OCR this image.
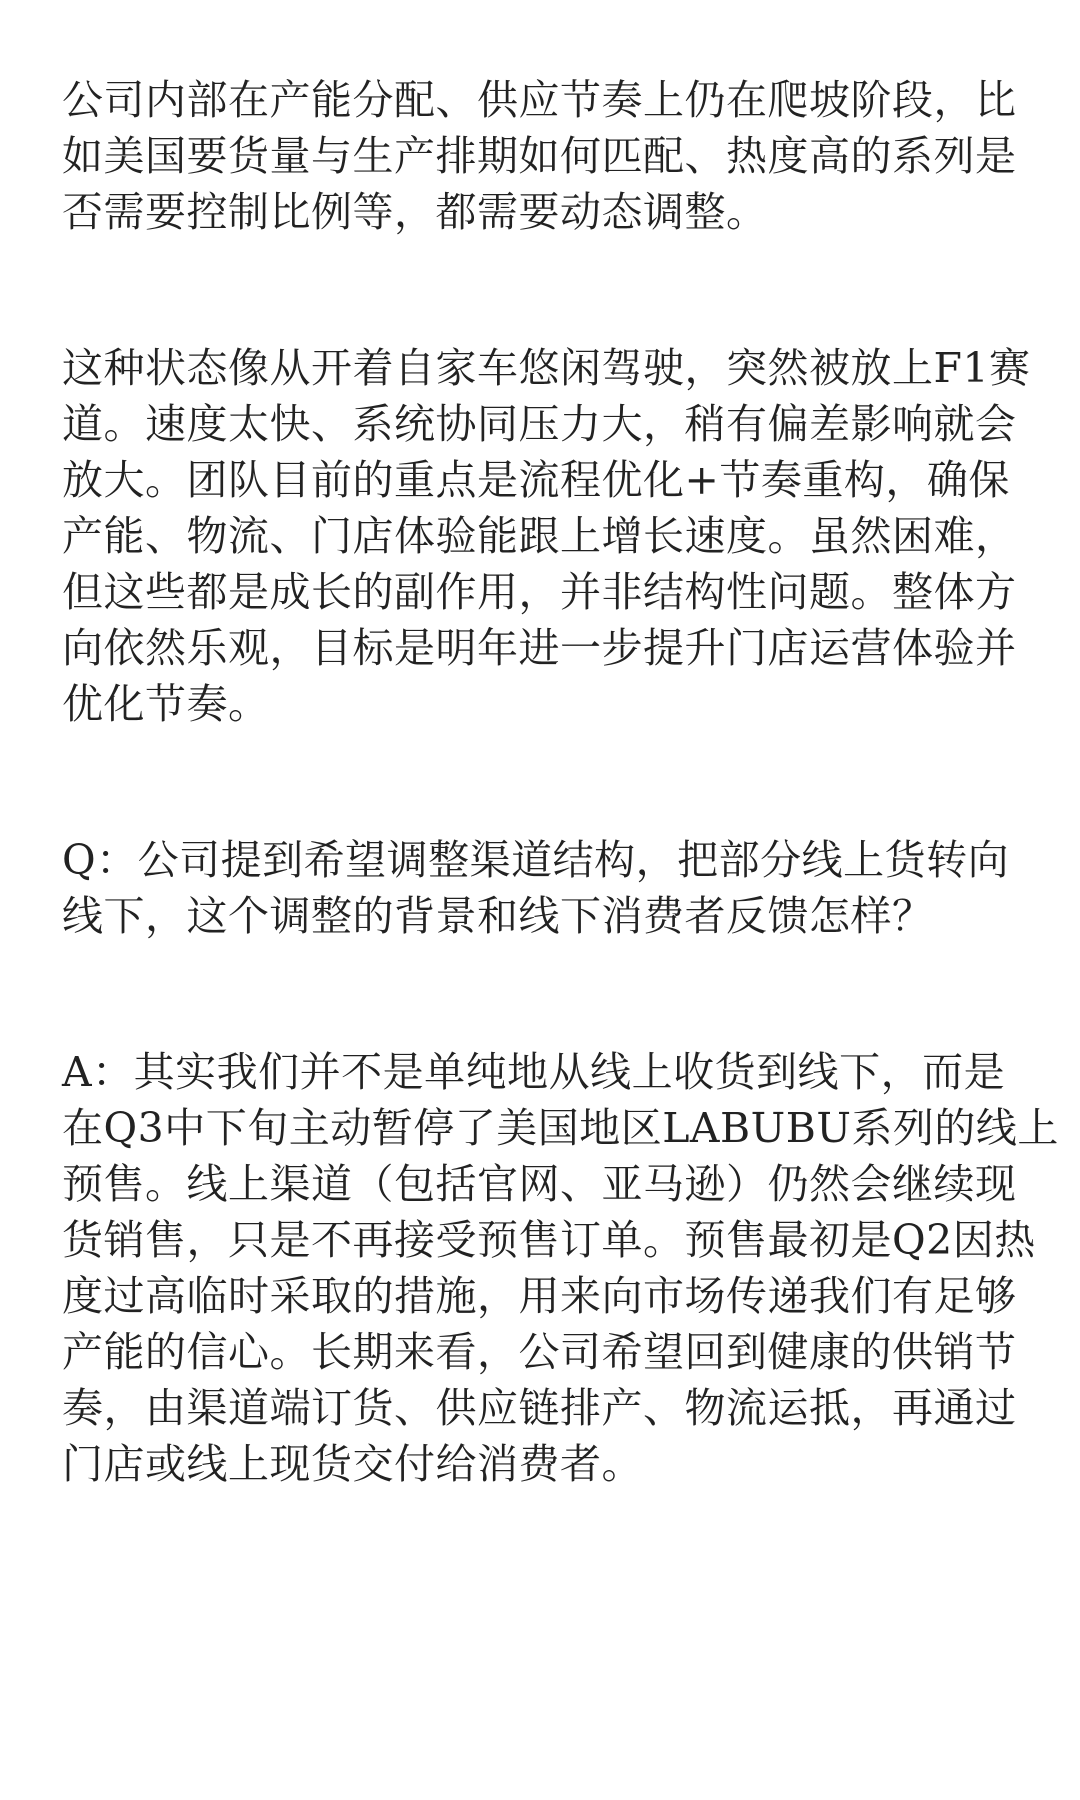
公司内部在产能分配、供应节奏上仍在爬坡阶段，比
如美国要货量与生产排期如何匹配、热度高的系列是
否需要控制比例等，都需要动态调整。

这种状态像从开着自家车悠闲驾驶，突然被放上F1赛
道。速度太快、系统协同压力大，稍有偏差影响就会
放大。团队目前的重点是流程优化+节奏重构，确保
产能、物流、门店体验能跟上增长速度。虽然困难，
但这些都是成长的副作用，并非结构性问题。整体方
向依然乐观，目标是明年进一步提升门店运营体验并
优化节奏。

Q：公司提到希望调整渠道结构，把部分线上货转向
线下，这个调整的背景和线下消费者反馈怎样？

A：其实我们并不是单纯地从线上收货到线下，而是
在Q3中下旬主动暂停了美国地区LABUBU系列的线上
预售。线上渠道（包括官网、亚马逊）仍然会继续现
货销售，只是不再接受预售订单。预售最初是Q2因热
度过高临时采取的措施，用来向市场传递我们有足够
产能的信心。长期来看，公司希望回到健康的供销节
奏，由渠道端订货、供应链排产、物流运抵，再通过
门店或线上现货交付给消费者。
